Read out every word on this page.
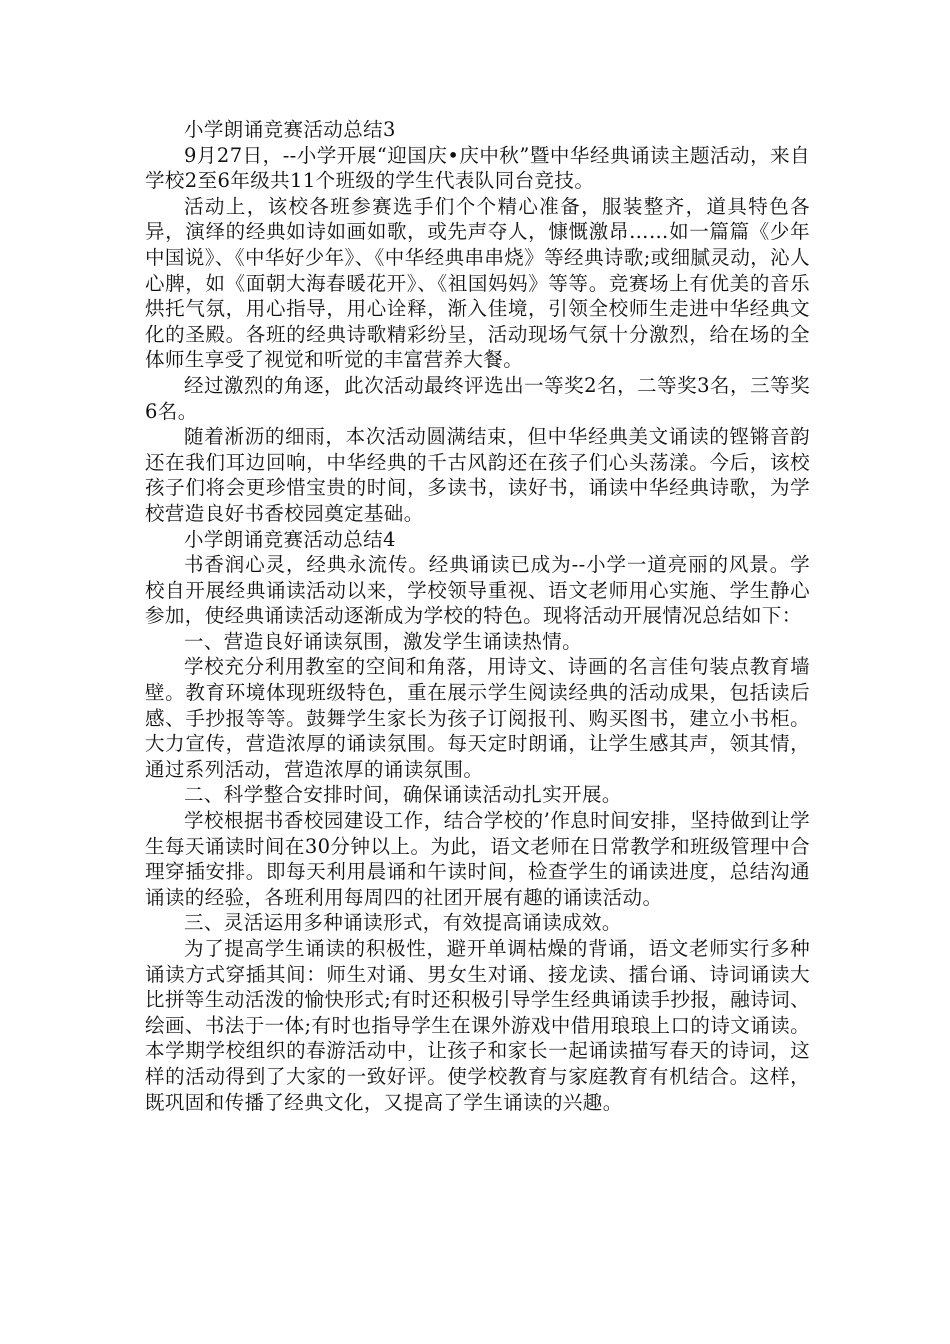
小学朗诵竞赛活动总结3

9月27日，--小学开展“迎国庆•庆中秋”暨中华经典诵读主题活动，来自学校2至6年级共11个班级的学生代表队同台竞技。

活动上，该校各班参赛选手们个个精心准备，服装整齐，道具特色各异，演绎的经典如诗如画如歌，或先声夺人，慷慨激昂……如一篇篇《少年中国说》、《中华好少年》、《中华经典串串烧》等经典诗歌;或细腻灵动，沁人心脾，如《面朝大海春暖花开》、《祖国妈妈》等等。竞赛场上有优美的音乐烘托气氛，用心指导，用心诠释，渐入佳境，引领全校师生走进中华经典文化的圣殿。各班的经典诗歌精彩纷呈，活动现场气氛十分激烈，给在场的全体师生享受了视觉和听觉的丰富营养大餐。

经过激烈的角逐，此次活动最终评选出一等奖2名，二等奖3名，三等奖6名。

随着淅沥的细雨，本次活动圆满结束，但中华经典美文诵读的铿锵音韵还在我们耳边回响，中华经典的千古风韵还在孩子们心头荡漾。今后，该校孩子们将会更珍惜宝贵的时间，多读书，读好书，诵读中华经典诗歌，为学校营造良好书香校园奠定基础。

小学朗诵竞赛活动总结4

书香润心灵，经典永流传。经典诵读已成为--小学一道亮丽的风景。学校自开展经典诵读活动以来，学校领导重视、语文老师用心实施、学生静心参加，使经典诵读活动逐渐成为学校的特色。现将活动开展情况总结如下：

一、营造良好诵读氛围，激发学生诵读热情。

学校充分利用教室的空间和角落，用诗文、诗画的名言佳句装点教育墙壁。教育环境体现班级特色，重在展示学生阅读经典的活动成果，包括读后感、手抄报等等。鼓舞学生家长为孩子订阅报刊、购买图书，建立小书柜。大力宣传，营造浓厚的诵读氛围。每天定时朗诵，让学生感其声，领其情，通过系列活动，营造浓厚的诵读氛围。

二、科学整合安排时间，确保诵读活动扎实开展。

学校根据书香校园建设工作，结合学校的’作息时间安排，坚持做到让学生每天诵读时间在30分钟以上。为此，语文老师在日常教学和班级管理中合理穿插安排。即每天利用晨诵和午读时间，检查学生的诵读进度，总结沟通诵读的经验，各班利用每周四的社团开展有趣的诵读活动。

三、灵活运用多种诵读形式，有效提高诵读成效。

为了提高学生诵读的积极性，避开单调枯燥的背诵，语文老师实行多种诵读方式穿插其间：师生对诵、男女生对诵、接龙读、擂台诵、诗词诵读大比拼等生动活泼的愉快形式;有时还积极引导学生经典诵读手抄报，融诗词、绘画、书法于一体;有时也指导学生在课外游戏中借用琅琅上口的诗文诵读。本学期学校组织的春游活动中，让孩子和家长一起诵读描写春天的诗词，这样的活动得到了大家的一致好评。使学校教育与家庭教育有机结合。这样，既巩固和传播了经典文化，又提高了学生诵读的兴趣。
